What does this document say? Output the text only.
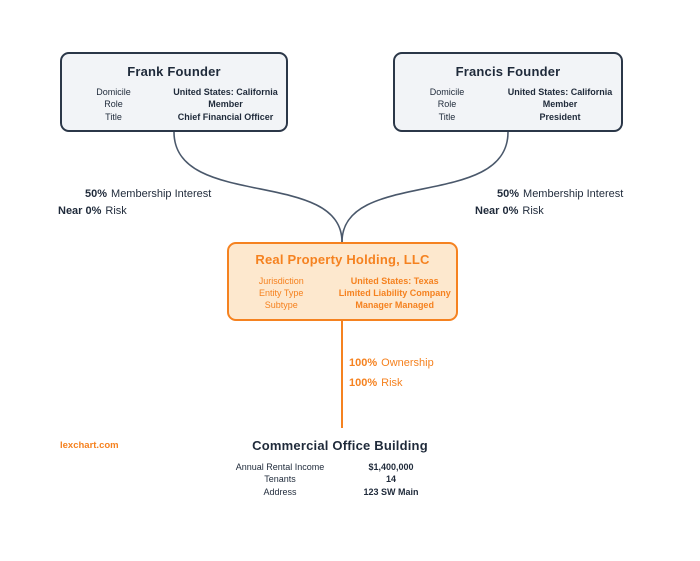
Frank Founder
Domicile	United States: California
Role	Member
Title	Chief Financial Officer
Francis Founder
Domicile	United States: California
Role	Member
Title	President
50% Membership Interest
Near 0% Risk
50% Membership Interest
Near 0% Risk
Real Property Holding, LLC
Jurisdiction	United States: Texas
Entity Type	Limited Liability Company
Subtype	Manager Managed
100% Ownership
100% Risk
Commercial Office Building
Annual Rental Income	$1,400,000
Tenants	14
Address	123 SW Main
lexchart.com
